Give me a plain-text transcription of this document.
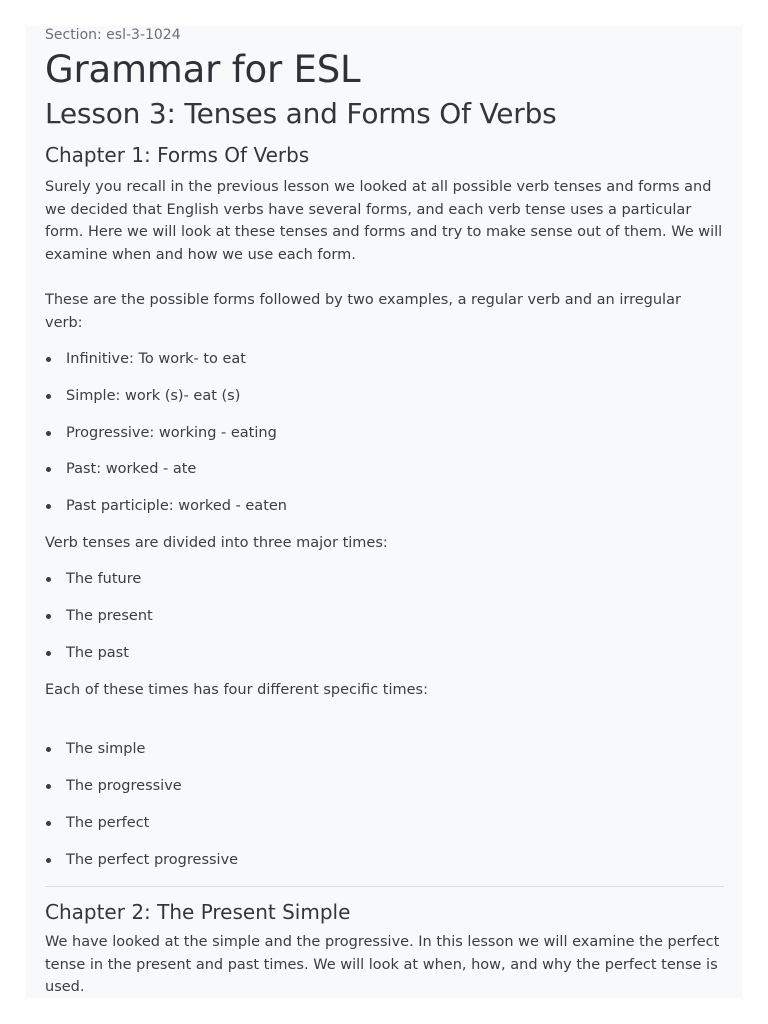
Section: esl-3-1024
Grammar for ESL
Lesson 3: Tenses and Forms Of Verbs
Chapter 1: Forms Of Verbs

Surely you recall in the previous lesson we looked at all possible verb tenses and forms and we decided that English verbs have several forms, and each verb tense uses a particular form. Here we will look at these tenses and forms and try to make sense out of them. We will examine when and how we use each form.

These are the possible forms followed by two examples, a regular verb and an irregular verb:

Infinitive: To work- to eat
Simple: work (s)- eat (s)
Progressive: working - eating
Past: worked - ate
Past participle: worked - eaten

Verb tenses are divided into three major times:

The future
The present
The past

Each of these times has four different specific times:

The simple
The progressive
The perfect
The perfect progressive
Chapter 2: The Present Simple

We have looked at the simple and the progressive. In this lesson we will examine the perfect tense in the present and past times. We will look at when, how, and why the perfect tense is used.
